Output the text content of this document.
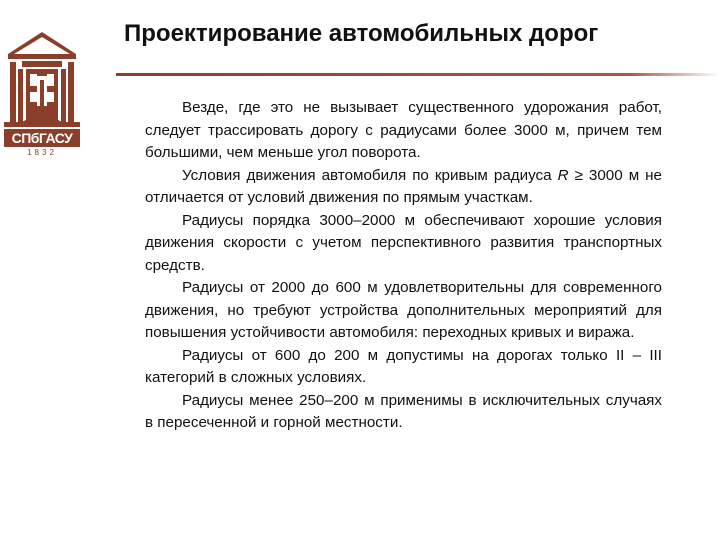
СПбГАСУ
1832
Проектирование автомобильных дорог

Везде, где это не вызывает существенного удорожания работ, следует трассировать дорогу с радиусами более 3000 м, причем тем большими, чем меньше угол поворота.

Условия движения автомобиля по кривым радиуса R ≥ 3000 м не отличается от условий движения по прямым участкам.

Радиусы порядка 3000–2000 м обеспечивают хорошие условия движения скорости с учетом перспективного развития транспортных средств.

Радиусы от 2000 до 600 м удовлетворительны для современного движения, но требуют устройства дополнительных мероприятий для повышения устойчивости автомобиля: переходных кривых и виража.

Радиусы от 600 до 200 м допустимы на дорогах только II – III категорий в сложных условиях.

Радиусы менее 250–200 м применимы в исключительных случаях в пересеченной и горной местности.
